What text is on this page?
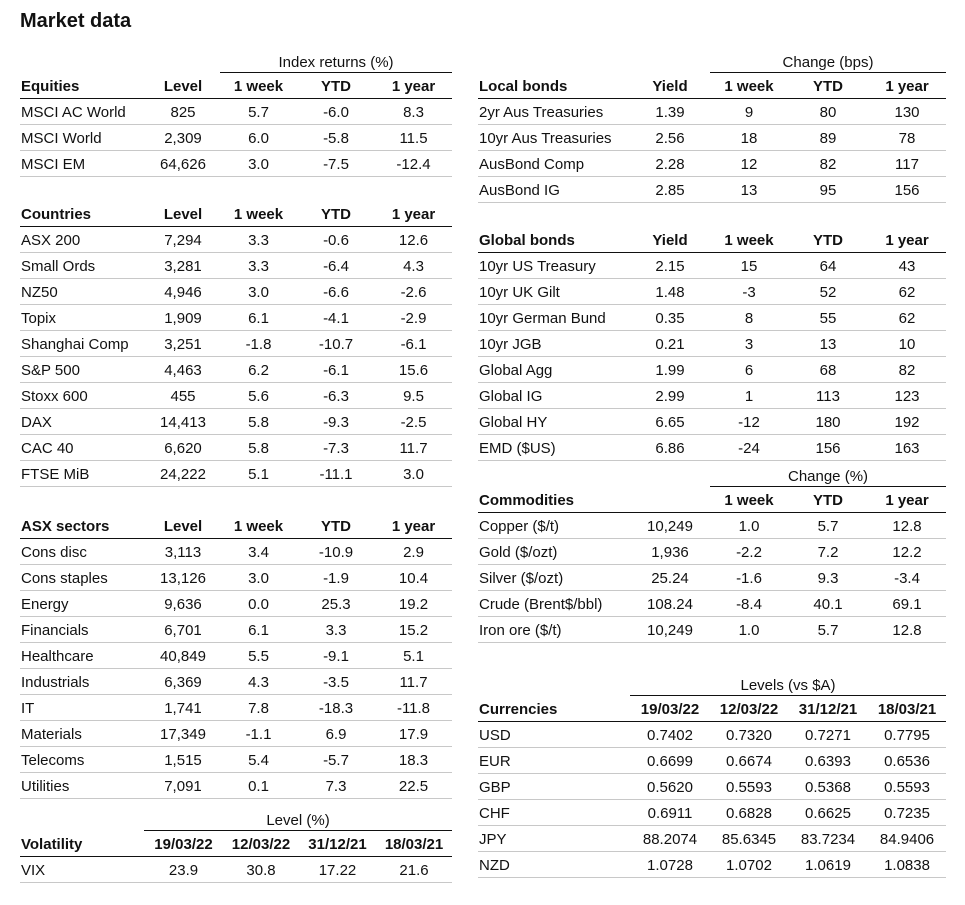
Market data
		Index returns (%)		
Equities	Level	1 week	YTD	1 year
MSCI AC World	825	5.7	-6.0	8.3
MSCI World	2,309	6.0	-5.8	11.5
MSCI EM	64,626	3.0	-7.5	-12.4
Countries	Level	1 week	YTD	1 year
ASX 200	7,294	3.3	-0.6	12.6
Small Ords	3,281	3.3	-6.4	4.3
NZ50	4,946	3.0	-6.6	-2.6
Topix	1,909	6.1	-4.1	-2.9
Shanghai Comp	3,251	-1.8	-10.7	-6.1
S&P 500	4,463	6.2	-6.1	15.6
Stoxx 600	455	5.6	-6.3	9.5
DAX	14,413	5.8	-9.3	-2.5
CAC 40	6,620	5.8	-7.3	11.7
FTSE MiB	24,222	5.1	-11.1	3.0
ASX sectors	Level	1 week	YTD	1 year
Cons disc	3,113	3.4	-10.9	2.9
Cons staples	13,126	3.0	-1.9	10.4
Energy	9,636	0.0	25.3	19.2
Financials	6,701	6.1	3.3	15.2
Healthcare	40,849	5.5	-9.1	5.1
Industrials	6,369	4.3	-3.5	11.7
IT	1,741	7.8	-18.3	-11.8
Materials	17,349	-1.1	6.9	17.9
Telecoms	1,515	5.4	-5.7	18.3
Utilities	7,091	0.1	7.3	22.5
	Level (%)			
Volatility	19/03/22	12/03/22	31/12/21	18/03/21
VIX	23.9	30.8	17.22	21.6
		Change (bps)		
Local bonds	Yield	1 week	YTD	1 year
2yr Aus Treasuries	1.39	9	80	130
10yr Aus Treasuries	2.56	18	89	78
AusBond Comp	2.28	12	82	117
AusBond IG	2.85	13	95	156
Global bonds	Yield	1 week	YTD	1 year
10yr US Treasury	2.15	15	64	43
10yr UK Gilt	1.48	-3	52	62
10yr German Bund	0.35	8	55	62
10yr JGB	0.21	3	13	10
Global Agg	1.99	6	68	82
Global IG	2.99	1	113	123
Global HY	6.65	-12	180	192
EMD ($US)	6.86	-24	156	163
		Change (%)		
Commodities		1 week	YTD	1 year
Copper ($/t)	10,249	1.0	5.7	12.8
Gold ($/ozt)	1,936	-2.2	7.2	12.2
Silver ($/ozt)	25.24	-1.6	9.3	-3.4
Crude (Brent$/bbl)	108.24	-8.4	40.1	69.1
Iron ore ($/t)	10,249	1.0	5.7	12.8
	Levels (vs $A)			
Currencies	19/03/22	12/03/22	31/12/21	18/03/21
USD	0.7402	0.7320	0.7271	0.7795
EUR	0.6699	0.6674	0.6393	0.6536
GBP	0.5620	0.5593	0.5368	0.5593
CHF	0.6911	0.6828	0.6625	0.7235
JPY	88.2074	85.6345	83.7234	84.9406
NZD	1.0728	1.0702	1.0619	1.0838
